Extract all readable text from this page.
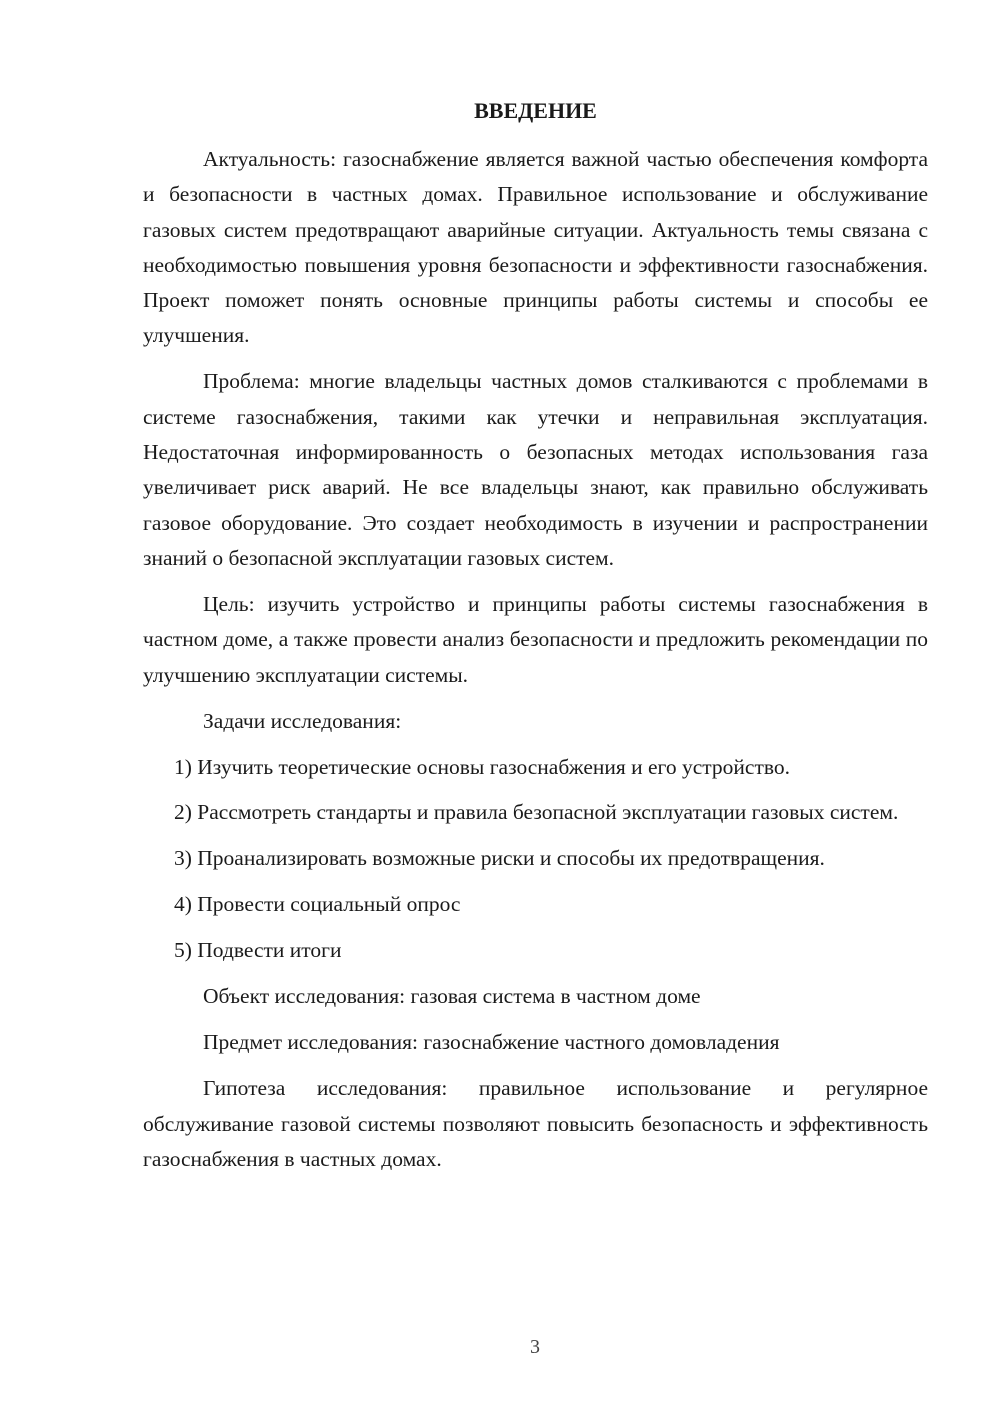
ВВЕДЕНИЕ

Актуальность: газоснабжение является важной частью обеспечения комфорта и безопасности в частных домах. Правильное использование и обслуживание газовых систем предотвращают аварийные ситуации. Актуальность темы связана с необходимостью повышения уровня безопасности и эффективности газоснабжения. Проект поможет понять основные принципы работы системы и способы ее улучшения.

Проблема: многие владельцы частных домов сталкиваются с проблемами в системе газоснабжения, такими как утечки и неправильная эксплуатация. Недостаточная информированность о безопасных методах использования газа увеличивает риск аварий. Не все владельцы знают, как правильно обслуживать газовое оборудование. Это создает необходимость в изучении и распространении знаний о безопасной эксплуатации газовых систем.

Цель: изучить устройство и принципы работы системы газоснабжения в частном доме, а также провести анализ безопасности и предложить рекомендации по улучшению эксплуатации системы.

Задачи исследования:

1) Изучить теоретические основы газоснабжения и его устройство.

2) Рассмотреть стандарты и правила безопасной эксплуатации газовых систем.

3) Проанализировать возможные риски и способы их предотвращения.

4) Провести социальный опрос

5) Подвести итоги

Объект исследования: газовая система в частном доме

Предмет исследования: газоснабжение частного домовладения

Гипотеза исследования: правильное использование и регулярное обслуживание газовой системы позволяют повысить безопасность и эффективность газоснабжения в частных домах.

3
